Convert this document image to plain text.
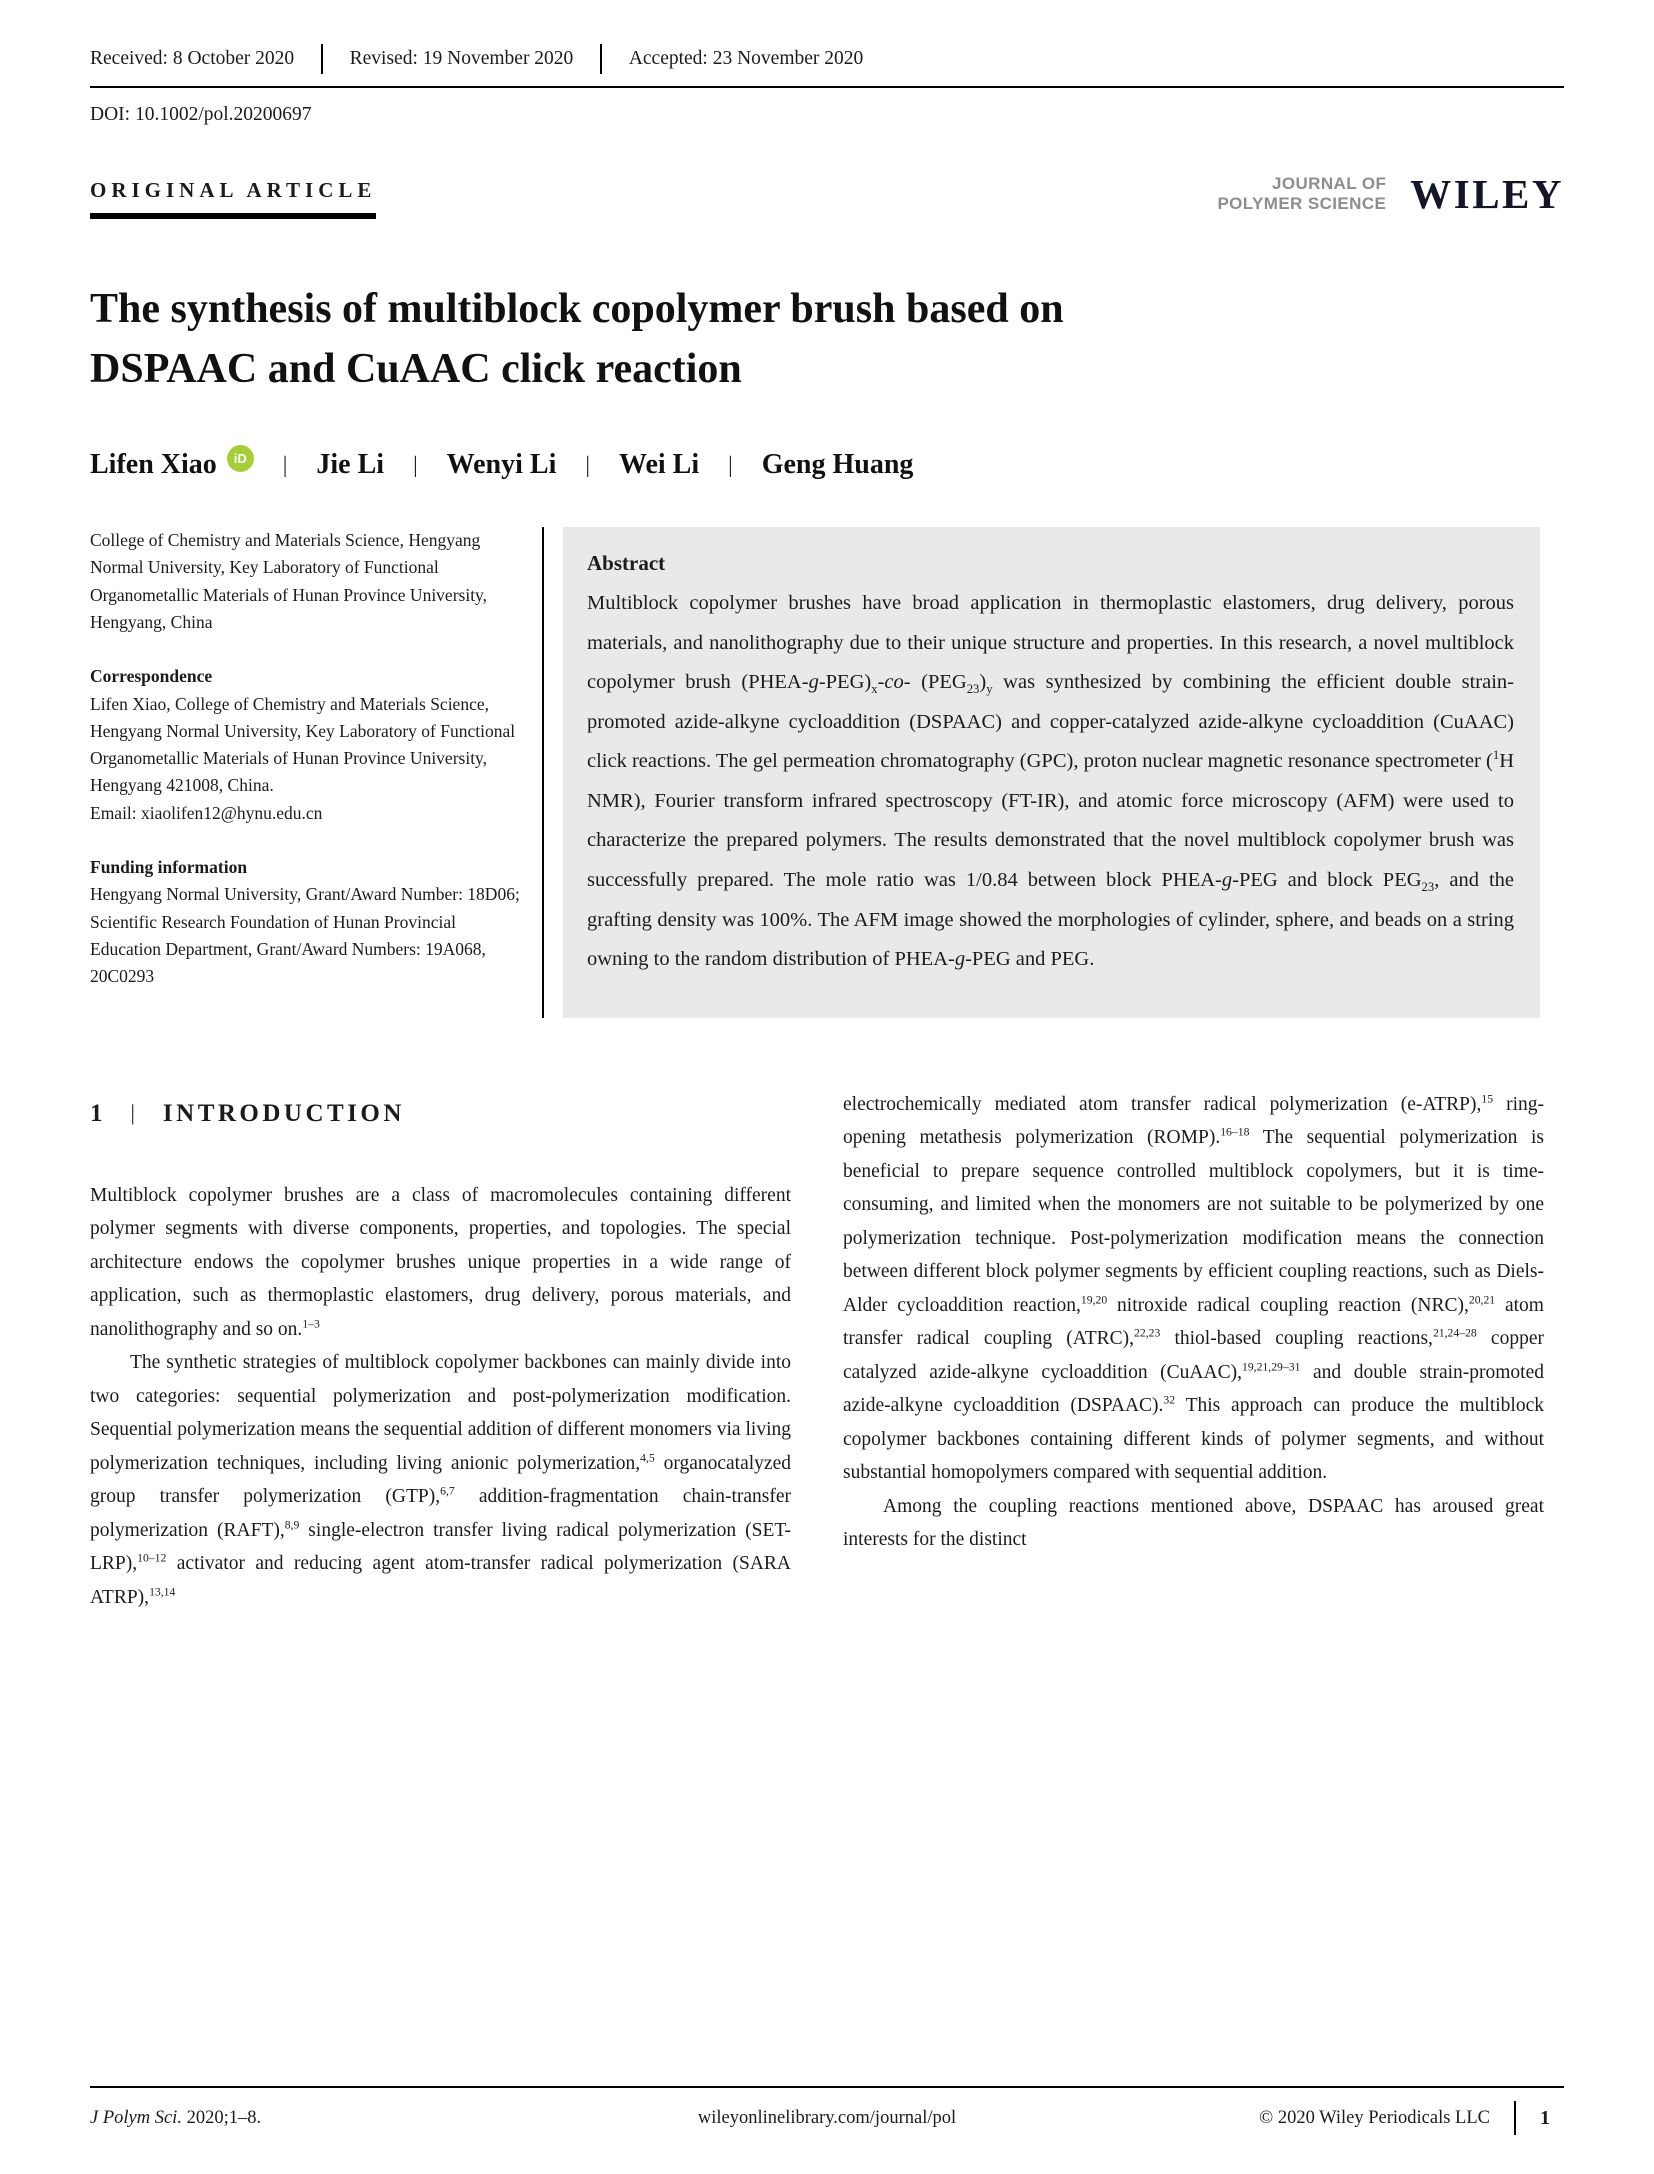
Received: 8 October 2020	Revised: 19 November 2020	Accepted: 23 November 2020
DOI: 10.1002/pol.20200697
ORIGINAL ARTICLE	JOURNAL OF
POLYMER SCIENCE WILEY
The synthesis of multiblock copolymer brush based on DSPAAC and CuAAC click reaction
Lifen Xiao	iD	| Jie Li | Wenyi Li | Wei Li | Geng Huang
College of Chemistry and Materials Science, Hengyang Normal University, Key Laboratory of Functional Organometallic Materials of Hunan Province University, Hengyang, China
Correspondence
Lifen Xiao, College of Chemistry and Materials Science, Hengyang Normal University, Key Laboratory of Functional Organometallic Materials of Hunan Province University, Hengyang 421008, China.
Email: xiaolifen12@hynu.edu.cn
Funding information
Hengyang Normal University, Grant/Award Number: 18D06; Scientific Research Foundation of Hunan Provincial Education Department, Grant/Award Numbers: 19A068, 20C0293
Abstract
Multiblock copolymer brushes have broad application in thermoplastic elastomers, drug delivery, porous materials, and nanolithography due to their unique structure and properties. In this research, a novel multiblock copolymer brush $(PHEA-g-PEG)_x-co-$ $(PEG_{23})_y$ was synthesized by combining the efficient double strain-promoted azide-alkyne cycloaddition (DSPAAC) and copper-catalyzed azide-alkyne cycloaddition (CuAAC) click reactions. The gel permeation chromatography (GPC), proton nuclear magnetic resonance spectrometer ($^1$H NMR), Fourier transform infrared spectroscopy (FT-IR), and atomic force microscopy (AFM) were used to characterize the prepared polymers. The results demonstrated that the novel multiblock copolymer brush was successfully prepared. The mole ratio was 1/0.84 between block PHEA-g-PEG and block $PEG_{23}$, and the grafting density was 100%. The AFM image showed the morphologies of cylinder, sphere, and beads on a string owning to the random distribution of PHEA-g-PEG and PEG.
1 | INTRODUCTION

Multiblock copolymer brushes are a class of macromolecules containing different polymer segments with diverse components, properties, and topologies. The special architecture endows the copolymer brushes unique properties in a wide range of application, such as thermoplastic elastomers, drug delivery, porous materials, and nanolithography and so on.$^{1-3}$

The synthetic strategies of multiblock copolymer backbones can mainly divide into two categories: sequential polymerization and post-polymerization modification. Sequential polymerization means the sequential addition of different monomers via living polymerization techniques, including living anionic polymerization,$^{4,5}$ organocatalyzed group transfer polymerization (GTP),$^{6,7}$ addition-fragmentation chain-transfer polymerization (RAFT),$^{8,9}$ single-electron transfer living radical polymerization (SET-LRP),$^{10-12}$ activator and reducing agent atom-transfer radical polymerization (SARA ATRP),$^{13,14}$

electrochemically mediated atom transfer radical polymerization (e-ATRP),$^{15}$ ring-opening metathesis polymerization (ROMP).$^{16-18}$ The sequential polymerization is beneficial to prepare sequence controlled multiblock copolymers, but it is time-consuming, and limited when the monomers are not suitable to be polymerized by one polymerization technique. Post-polymerization modification means the connection between different block polymer segments by efficient coupling reactions, such as Diels-Alder cycloaddition reaction,$^{19,20}$ nitroxide radical coupling reaction (NRC),$^{20,21}$ atom transfer radical coupling (ATRC),$^{22,23}$ thiol-based coupling reactions,$^{21,24-28}$ copper catalyzed azide-alkyne cycloaddition (CuAAC),$^{19,21,29-31}$ and double strain-promoted azide-alkyne cycloaddition (DSPAAC).$^{32}$ This approach can produce the multiblock copolymer backbones containing different kinds of polymer segments, and without substantial homopolymers compared with sequential addition.

Among the coupling reactions mentioned above, DSPAAC has aroused great interests for the distinct

J Polym Sci. 2020;1–8.	wileyonlinelibrary.com/journal/pol	© 2020 Wiley Periodicals LLC	1
